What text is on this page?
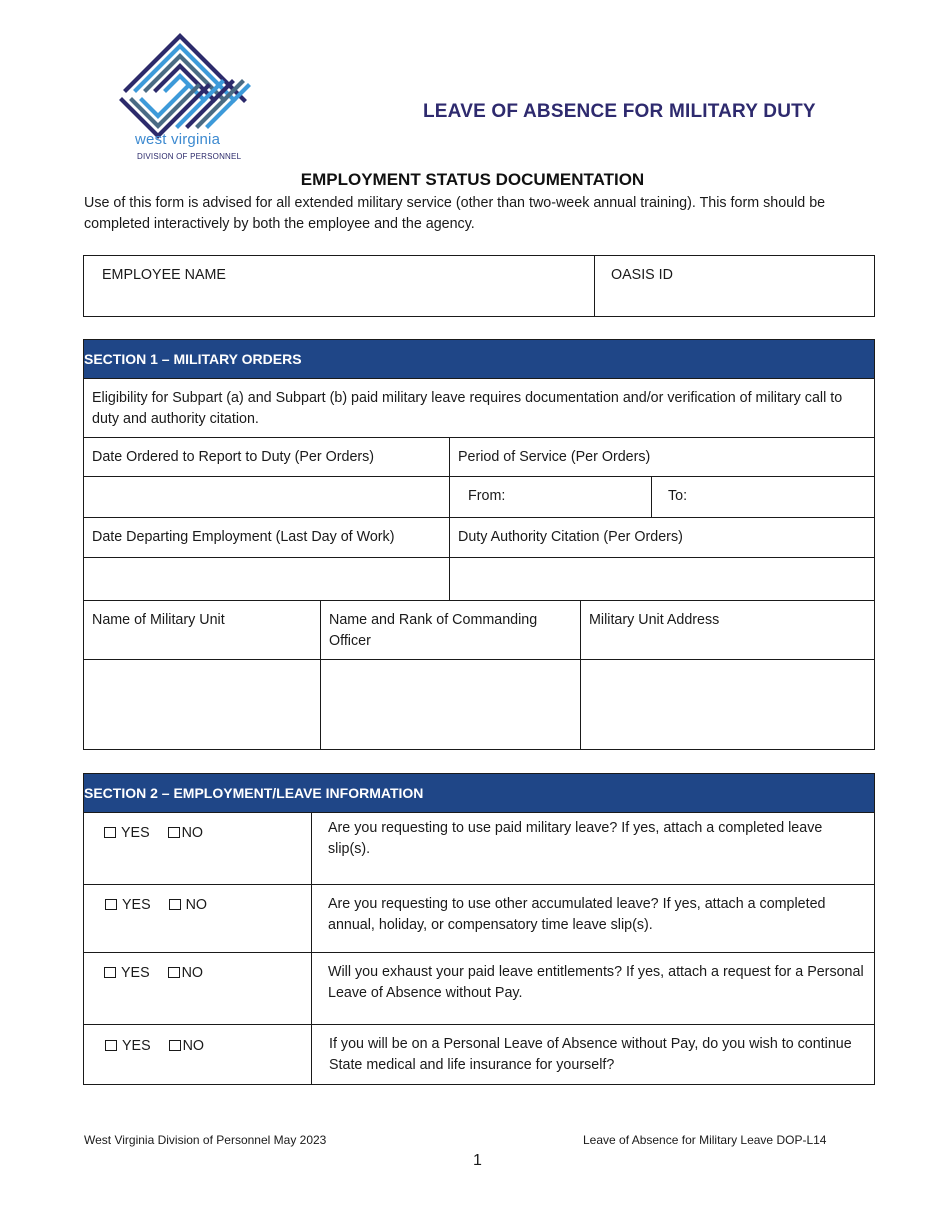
west virginia
DIVISION OF PERSONNEL
LEAVE OF ABSENCE FOR MILITARY DUTY
EMPLOYMENT STATUS DOCUMENTATION
Use of this form is advised for all extended military service (other than two-week annual training). This form should be completed interactively by both the employee and the agency.
EMPLOYEE NAME	OASIS ID
SECTION 1 – MILITARY ORDERS		

Eligibility for Subpart (a) and Subpart (b) paid military leave requires documentation and/or verification of military call to duty and authority citation.		

Date Ordered to Report to Duty (Per Orders)	Period of Service (Per Orders)	

	From:	To:

Date Departing Employment (Last Day of Work)	Duty Authority Citation (Per Orders)	

Name of Military Unit	Name and Rank of Commanding Officer	Military Unit Address

SECTION 2 – EMPLOYMENT/LEAVE INFORMATION	

YES NO	Are you requesting to use paid military leave? If yes, attach a completed leave slip(s).

YES NO	Are you requesting to use other accumulated leave? If yes, attach a completed annual, holiday, or compensatory time leave slip(s).

YES NO	Will you exhaust your paid leave entitlements? If yes, attach a request for a Personal Leave of Absence without Pay.

YES NO	If you will be on a Personal Leave of Absence without Pay, do you wish to continue State medical and life insurance for yourself?
West Virginia Division of Personnel May 2023	Leave of Absence for Military Leave DOP-L14
1
